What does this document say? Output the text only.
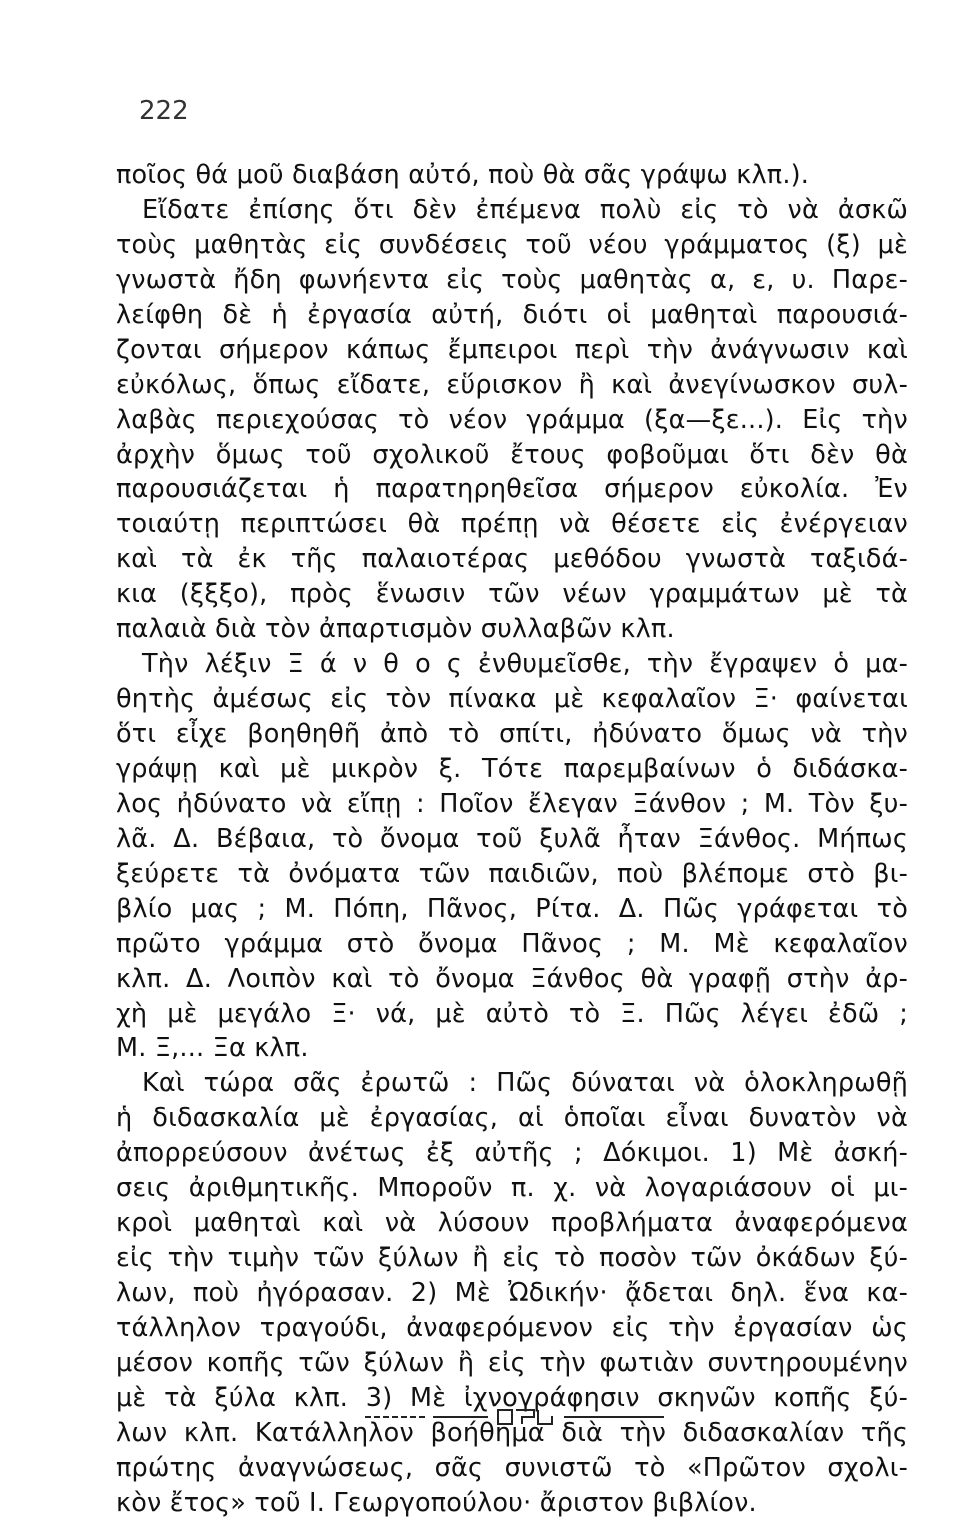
222
ποῖος θά μοῦ διαβάση αὐτό, ποὺ θὰ σᾶς γράψω κλπ.).
Εἴδατε ἐπίσης ὅτι δὲν ἐπέμενα πολὺ εἰς τὸ νὰ ἀσκῶ
τοὺς μαθητὰς εἰς συνδέσεις τοῦ νέου γράμματος (ξ) μὲ
γνωστὰ ἤδη φωνήεντα εἰς τοὺς μαθητὰς α, ε, υ. Παρε-
λείφθη δὲ ἡ ἐργασία αὐτή, διότι οἱ μαθηταὶ παρουσιά-
ζονται σήμερον κάπως ἔμπειροι περὶ τὴν ἀνάγνωσιν καὶ
εὐκόλως, ὅπως εἴδατε, εὕρισκον ἢ καὶ ἀνεγίνωσκον συλ-
λαβὰς περιεχούσας τὸ νέον γράμμα (ξα—ξε...). Εἰς τὴν
ἀρχὴν ὅμως τοῦ σχολικοῦ ἔτους φοβοῦμαι ὅτι δὲν θὰ
παρουσιάζεται ἡ παρατηρηθεῖσα σήμερον εὐκολία. Ἐν
τοιαύτῃ περιπτώσει θὰ πρέπῃ νὰ θέσετε εἰς ἐνέργειαν
καὶ τὰ ἐκ τῆς παλαιοτέρας μεθόδου γνωστὰ ταξιδά-
κια (ξξξο), πρὸς ἕνωσιν τῶν νέων γραμμάτων μὲ τὰ
παλαιὰ διὰ τὸν ἀπαρτισμὸν συλλαβῶν κλπ.
Τὴν λέξιν Ξ ά ν θ ο ς ἐνθυμεῖσθε, τὴν ἔγραψεν ὁ μα-
θητὴς ἀμέσως εἰς τὸν πίνακα μὲ κεφαλαῖον Ξ· φαίνεται
ὅτι εἶχε βοηθηθῆ ἀπὸ τὸ σπίτι, ἠδύνατο ὅμως νὰ τὴν
γράψῃ καὶ μὲ μικρὸν ξ. Τότε παρεμβαίνων ὁ διδάσκα-
λος ἠδύνατο νὰ εἴπῃ : Ποῖον ἔλεγαν Ξάνθον ; Μ. Τὸν ξυ-
λᾶ. Δ. Βέβαια, τὸ ὄνομα τοῦ ξυλᾶ ἦταν Ξάνθος. Μήπως
ξεύρετε τὰ ὀνόματα τῶν παιδιῶν, ποὺ βλέπομε στὸ βι-
βλίο μας ; Μ. Πόπη, Πᾶνος, Ρίτα. Δ. Πῶς γράφεται τὸ
πρῶτο γράμμα στὸ ὄνομα Πᾶνος ; Μ. Μὲ κεφαλαῖον
κλπ. Δ. Λοιπὸν καὶ τὸ ὄνομα Ξάνθος θὰ γραφῇ στὴν ἀρ-
χὴ μὲ μεγάλο Ξ· νά, μὲ αὐτὸ τὸ Ξ. Πῶς λέγει ἐδῶ ;
Μ. Ξ,... Ξα κλπ.
Καὶ τώρα σᾶς ἐρωτῶ : Πῶς δύναται νὰ ὁλοκληρωθῇ
ἡ διδασκαλία μὲ ἐργασίας, αἱ ὁποῖαι εἶναι δυνατὸν νὰ
ἀπορρεύσουν ἀνέτως ἐξ αὐτῆς ; Δόκιμοι. 1) Μὲ ἀσκή-
σεις ἀριθμητικῆς. Μποροῦν π. χ. νὰ λογαριάσουν οἱ μι-
κροὶ μαθηταὶ καὶ νὰ λύσουν προβλήματα ἀναφερόμενα
εἰς τὴν τιμὴν τῶν ξύλων ἢ εἰς τὸ ποσὸν τῶν ὀκάδων ξύ-
λων, ποὺ ἠγόρασαν. 2) Μὲ Ὠδικήν· ᾄδεται δηλ. ἕνα κα-
τάλληλον τραγούδι, ἀναφερόμενον εἰς τὴν ἐργασίαν ὡς
μέσον κοπῆς τῶν ξύλων ἢ εἰς τὴν φωτιὰν συντηρουμένην
μὲ τὰ ξύλα κλπ. 3) Μὲ ἰχνογράφησιν σκηνῶν κοπῆς ξύ-
λων κλπ. Κατάλληλον βοήθημα διὰ τὴν διδασκαλίαν τῆς
πρώτης ἀναγνώσεως, σᾶς συνιστῶ τὸ «Πρῶτον σχολι-
κὸν ἔτος» τοῦ Ι. Γεωργοπούλου· ἄριστον βιβλίον.
